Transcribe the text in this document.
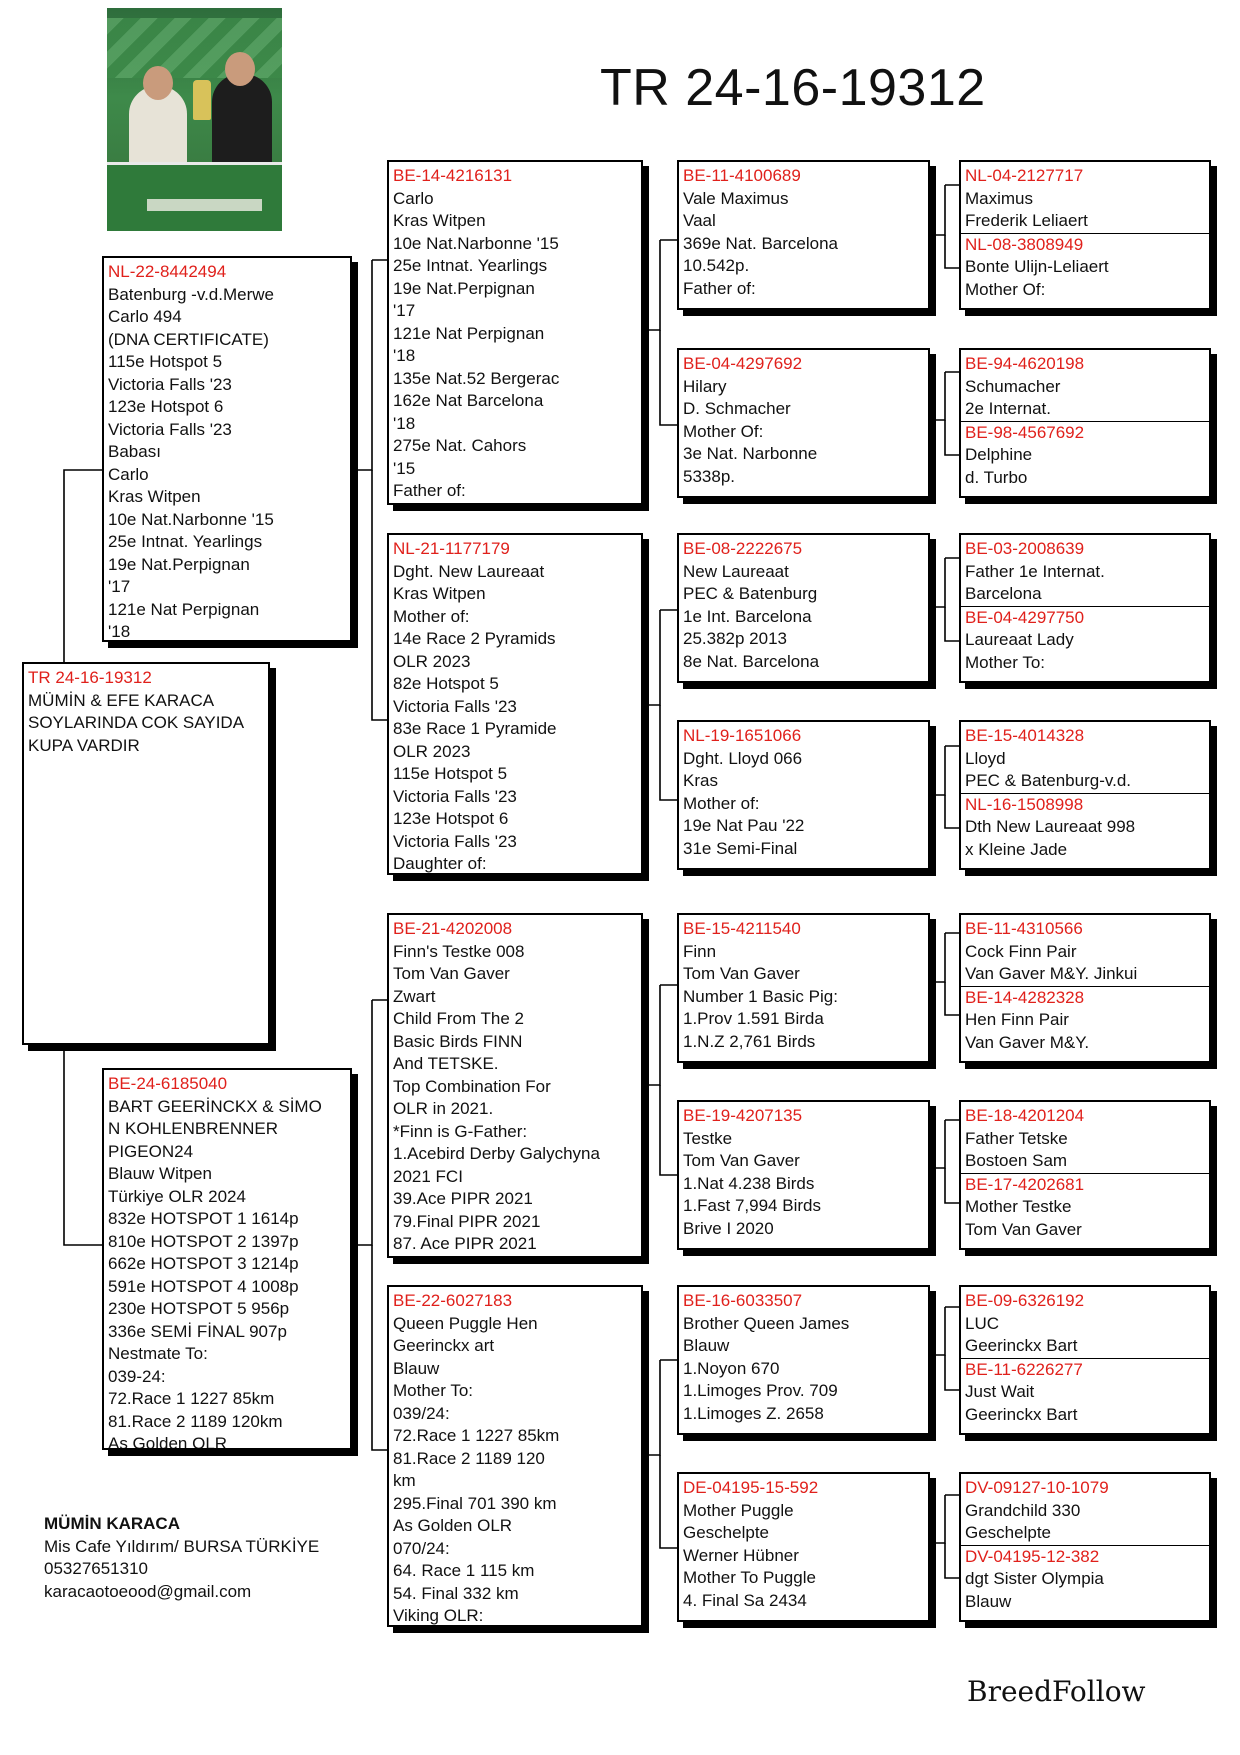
TR 24-16-19312
TR 24-16-19312
MÜMİN & EFE KARACA
SOYLARINDA COK SAYIDA
KUPA VARDIR
NL-22-8442494
Batenburg -v.d.Merwe
Carlo 494
(DNA CERTIFICATE)
115e Hotspot 5
Victoria Falls '23
123e Hotspot 6
Victoria Falls '23
Babası
Carlo
Kras Witpen
10e Nat.Narbonne '15
25e Intnat. Yearlings
19e Nat.Perpignan
'17
121e Nat Perpignan
'18
BE-24-6185040
BART GEERİNCKX & SİMO
N KOHLENBRENNER
PIGEON24
Blauw Witpen
Türkiye OLR 2024
832e HOTSPOT 1 1614p
810e HOTSPOT 2 1397p
662e HOTSPOT 3 1214p
591e HOTSPOT 4 1008p
230e HOTSPOT 5 956p
336e SEMİ FİNAL 907p
Nestmate To:
039-24:
72.Race 1 1227 85km
81.Race 2 1189 120km
As Golden OLR
BE-14-4216131
Carlo
Kras Witpen
10e Nat.Narbonne '15
25e Intnat. Yearlings
19e Nat.Perpignan
'17
121e Nat Perpignan
'18
135e Nat.52 Bergerac
162e Nat Barcelona
'18
275e Nat. Cahors
'15
Father of:
NL-21-1177179
Dght. New Laureaat
Kras Witpen
Mother of:
14e Race 2 Pyramids
OLR 2023
82e Hotspot 5
Victoria Falls '23
83e Race 1 Pyramide
OLR 2023
115e Hotspot 5
Victoria Falls '23
123e Hotspot 6
Victoria Falls '23
Daughter of:
BE-21-4202008
Finn's Testke 008
Tom Van Gaver
Zwart
Child From The 2
Basic Birds FINN
And TETSKE.
Top Combination For
OLR in 2021.
*Finn is G-Father:
1.Acebird Derby Galychyna
2021 FCI
39.Ace PIPR 2021
79.Final PIPR 2021
87. Ace PIPR 2021
BE-22-6027183
Queen Puggle Hen
Geerinckx art
Blauw
Mother To:
039/24:
72.Race 1 1227 85km
81.Race 2 1189 120
km
295.Final 701 390 km
As Golden OLR
070/24:
64. Race 1 115 km
54. Final 332 km
Viking OLR:
BE-11-4100689
Vale Maximus
Vaal
369e Nat. Barcelona
10.542p.
Father of:
BE-04-4297692
Hilary
D. Schmacher
Mother Of:
3e Nat. Narbonne
5338p.
BE-08-2222675
New Laureaat
PEC & Batenburg
1e Int. Barcelona
25.382p 2013
8e Nat. Barcelona
NL-19-1651066
Dght. Lloyd 066
Kras
Mother of:
19e Nat Pau '22
31e Semi-Final
BE-15-4211540
Finn
Tom Van Gaver
Number 1 Basic Pig:
1.Prov 1.591 Birda
1.N.Z 2,761 Birds
BE-19-4207135
Testke
Tom Van Gaver
1.Nat 4.238 Birds
1.Fast 7,994 Birds
Brive I 2020
BE-16-6033507
Brother Queen James
Blauw
1.Noyon 670
1.Limoges Prov. 709
1.Limoges Z. 2658
DE-04195-15-592
Mother Puggle
Geschelpte
Werner Hübner
Mother To Puggle
4. Final Sa 2434
NL-04-2127717
Maximus
Frederik Leliaert
NL-08-3808949
Bonte Ulijn-Leliaert
Mother Of:
BE-94-4620198
Schumacher
2e Internat.
BE-98-4567692
Delphine
d. Turbo
BE-03-2008639
Father 1e Internat.
Barcelona
BE-04-4297750
Laureaat Lady
Mother To:
BE-15-4014328
Lloyd
PEC & Batenburg-v.d.
NL-16-1508998
Dth New Laureaat 998
x Kleine Jade
BE-11-4310566
Cock Finn Pair
Van Gaver M&Y. Jinkui
BE-14-4282328
Hen Finn Pair
Van Gaver M&Y.
BE-18-4201204
Father Tetske
Bostoen Sam
BE-17-4202681
Mother Testke
Tom Van Gaver
BE-09-6326192
LUC
Geerinckx Bart
BE-11-6226277
Just Wait
Geerinckx Bart
DV-09127-10-1079
Grandchild 330
Geschelpte
DV-04195-12-382
dgt Sister Olympia
Blauw
MÜMİN KARACA
Mis Cafe Yıldırım/ BURSA TÜRKİYE
05327651310
karacaotoeood@gmail.com
BreedFollow
